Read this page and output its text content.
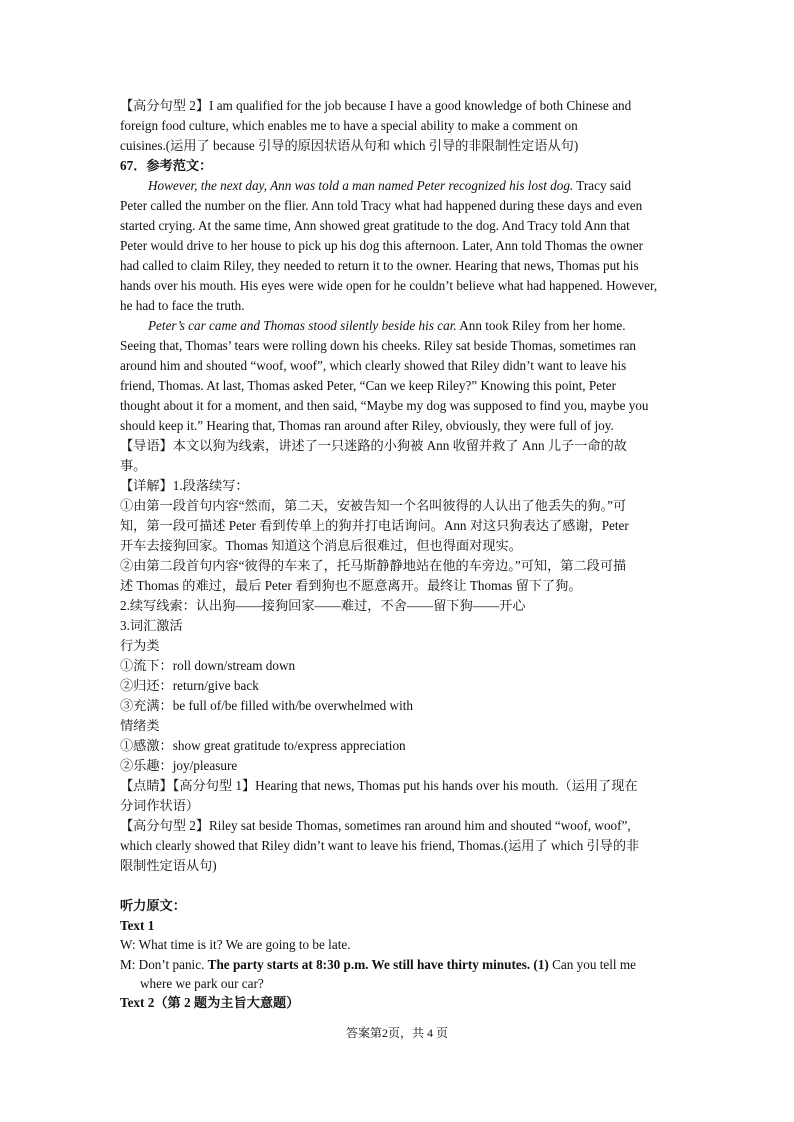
【高分句型 2】I am qualified for the job because I have a good knowledge of both Chinese and
foreign food culture, which enables me to have a special ability to make a comment on
cuisines.(运用了 because 引导的原因状语从句和 which 引导的非限制性定语从句)
67．参考范文：
However, the next day, Ann was told a man named Peter recognized his lost dog. Tracy said
Peter called the number on the flier. Ann told Tracy what had happened during these days and even
started crying. At the same time, Ann showed great gratitude to the dog. And Tracy told Ann that
Peter would drive to her house to pick up his dog this afternoon. Later, Ann told Thomas the owner
had called to claim Riley, they needed to return it to the owner. Hearing that news, Thomas put his
hands over his mouth. His eyes were wide open for he couldn’t believe what had happened. However,
he had to face the truth.
Peter’s car came and Thomas stood silently beside his car. Ann took Riley from her home.
Seeing that, Thomas’ tears were rolling down his cheeks. Riley sat beside Thomas, sometimes ran
around him and shouted “woof, woof”, which clearly showed that Riley didn’t want to leave his
friend, Thomas. At last, Thomas asked Peter, “Can we keep Riley?” Knowing this point, Peter
thought about it for a moment, and then said, “Maybe my dog was supposed to find you, maybe you
should keep it.” Hearing that, Thomas ran around after Riley, obviously, they were full of joy.
【导语】本文以狗为线索，讲述了一只迷路的小狗被 Ann 收留并救了 Ann 儿子一命的故
事。
【详解】1.段落续写：
①由第一段首句内容“然而，第二天，安被告知一个名叫彼得的人认出了他丢失的狗。”可
知，第一段可描述 Peter 看到传单上的狗并打电话询问。Ann 对这只狗表达了感谢，Peter
开车去接狗回家。Thomas 知道这个消息后很难过，但也得面对现实。
②由第二段首句内容“彼得的车来了，托马斯静静地站在他的车旁边。”可知，第二段可描
述 Thomas 的难过，最后 Peter 看到狗也不愿意离开。最终让 Thomas 留下了狗。
2.续写线索：认出狗——接狗回家——难过，不舍——留下狗——开心
3.词汇激活
行为类
①流下：roll down/stream down
②归还：return/give back
③充满：be full of/be filled with/be overwhelmed with
情绪类
①感激：show great gratitude to/express appreciation
②乐趣：joy/pleasure
【点睛】【高分句型 1】Hearing that news, Thomas put his hands over his mouth.（运用了现在
分词作状语）
【高分句型 2】Riley sat beside Thomas, sometimes ran around him and shouted “woof, woof”,
which clearly showed that Riley didn’t want to leave his friend, Thomas.(运用了 which 引导的非
限制性定语从句)
听力原文：
Text 1
W: What time is it? We are going to be late.
M: Don’t panic. The party starts at 8:30 p.m. We still have thirty minutes. (1) Can you tell me
where we park our car?
Text 2（第 2 题为主旨大意题）
答案第2页，共 4 页
